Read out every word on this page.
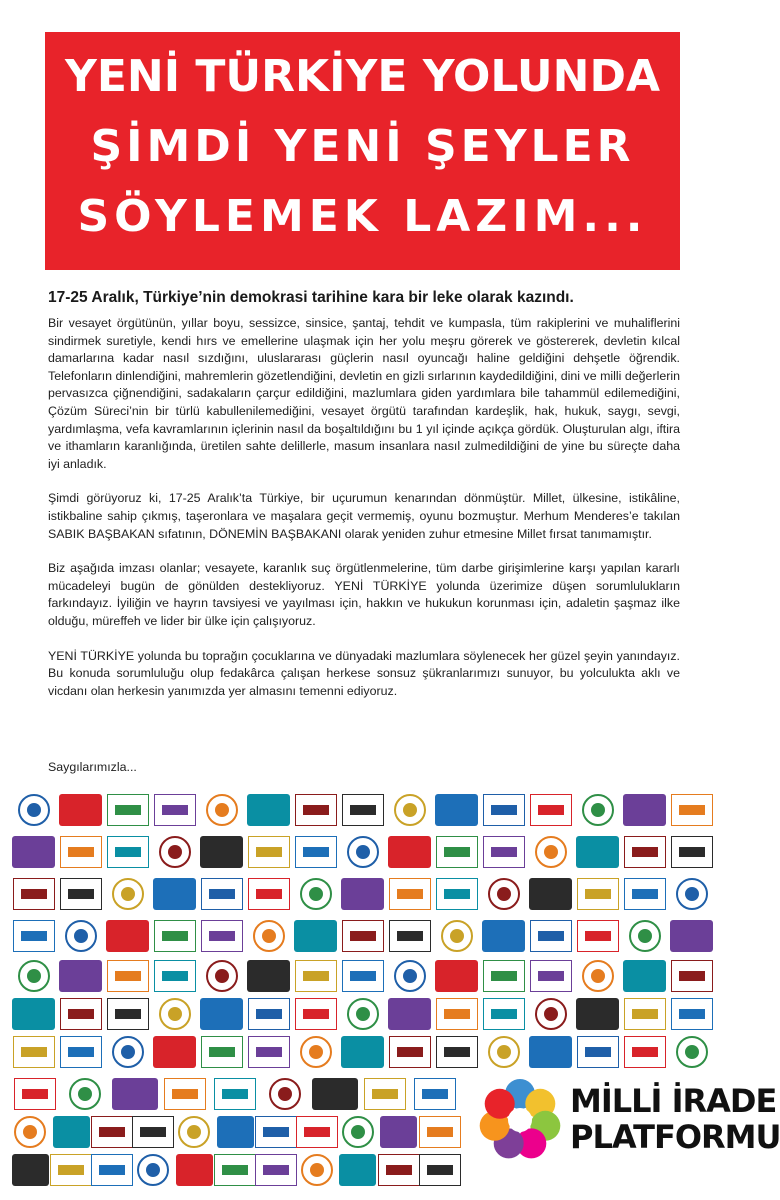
YENİ TÜRKİYE YOLUNDA
ŞİMDİ YENİ ŞEYLER
SÖYLEMEK LAZIM...
17-25 Aralık, Türkiye’nin demokrasi tarihine kara bir leke olarak kazındı.

Bir vesayet örgütünün, yıllar boyu, sessizce, sinsice, şantaj, tehdit ve kumpasla, tüm rakiplerini ve muhaliflerini sindirmek suretiyle, kendi hırs ve emellerine ulaşmak için her yolu meşru görerek ve göstererek, devletin kılcal damarlarına kadar nasıl sızdığını, uluslararası güçlerin nasıl oyuncağı haline geldiğini dehşetle öğrendik. Telefonların dinlendiğini, mahremlerin gözetlendiğini, devletin en gizli sırlarının kaydedildiğini, dini ve milli değerlerin pervasızca çiğnendiğini, sadakaların çarçur edildiğini, mazlumlara giden yardımlara bile tahammül edilemediğini, Çözüm Süreci’nin bir türlü kabullenilemediğini, vesayet örgütü tarafından kardeşlik, hak, hukuk, saygı, sevgi, yardımlaşma, vefa kavramlarının içlerinin nasıl da boşaltıldığını bu 1 yıl içinde açıkça gördük. Oluşturulan algı, iftira ve ithamların karanlığında, üretilen sahte delillerle, masum insanlara nasıl zulmedildiğini de yine bu süreçte daha iyi anladık.

Şimdi görüyoruz ki, 17-25 Aralık’ta Türkiye, bir uçurumun kenarından dönmüştür. Millet, ülkesine, istikâline, istikbaline sahip çıkmış, taşeronlara ve maşalara geçit vermemiş, oyunu bozmuştur. Merhum Menderes’e takılan SABIK BAŞBAKAN sıfatının, DÖNEMİN BAŞBAKANI olarak yeniden zuhur etmesine Millet fırsat tanımamıştır.

Biz aşağıda imzası olanlar; vesayete, karanlık suç örgütlenmelerine, tüm darbe girişimlerine karşı yapılan kararlı mücadeleyi bugün de gönülden destekliyoruz. YENİ TÜRKİYE yolunda üzerimize düşen sorumlulukların farkındayız. İyiliğin ve hayrın tavsiyesi ve yayılması için, hakkın ve hukukun korunması için, adaletin şaşmaz ilke olduğu, müreffeh ve lider bir ülke için çalışıyoruz.

YENİ TÜRKİYE yolunda bu toprağın çocuklarına ve dünyadaki mazlumlara söylenecek her güzel şeyin yanındayız. Bu konuda sorumluluğu olup fedakârca çalışan herkese sonsuz şükranlarımızı sunuyor, bu yolculukta aklı ve vicdanı olan herkesin yanımızda yer almasını temenni ediyoruz.

Saygılarımızla...
MİLLİ İRADE
PLATFORMU
